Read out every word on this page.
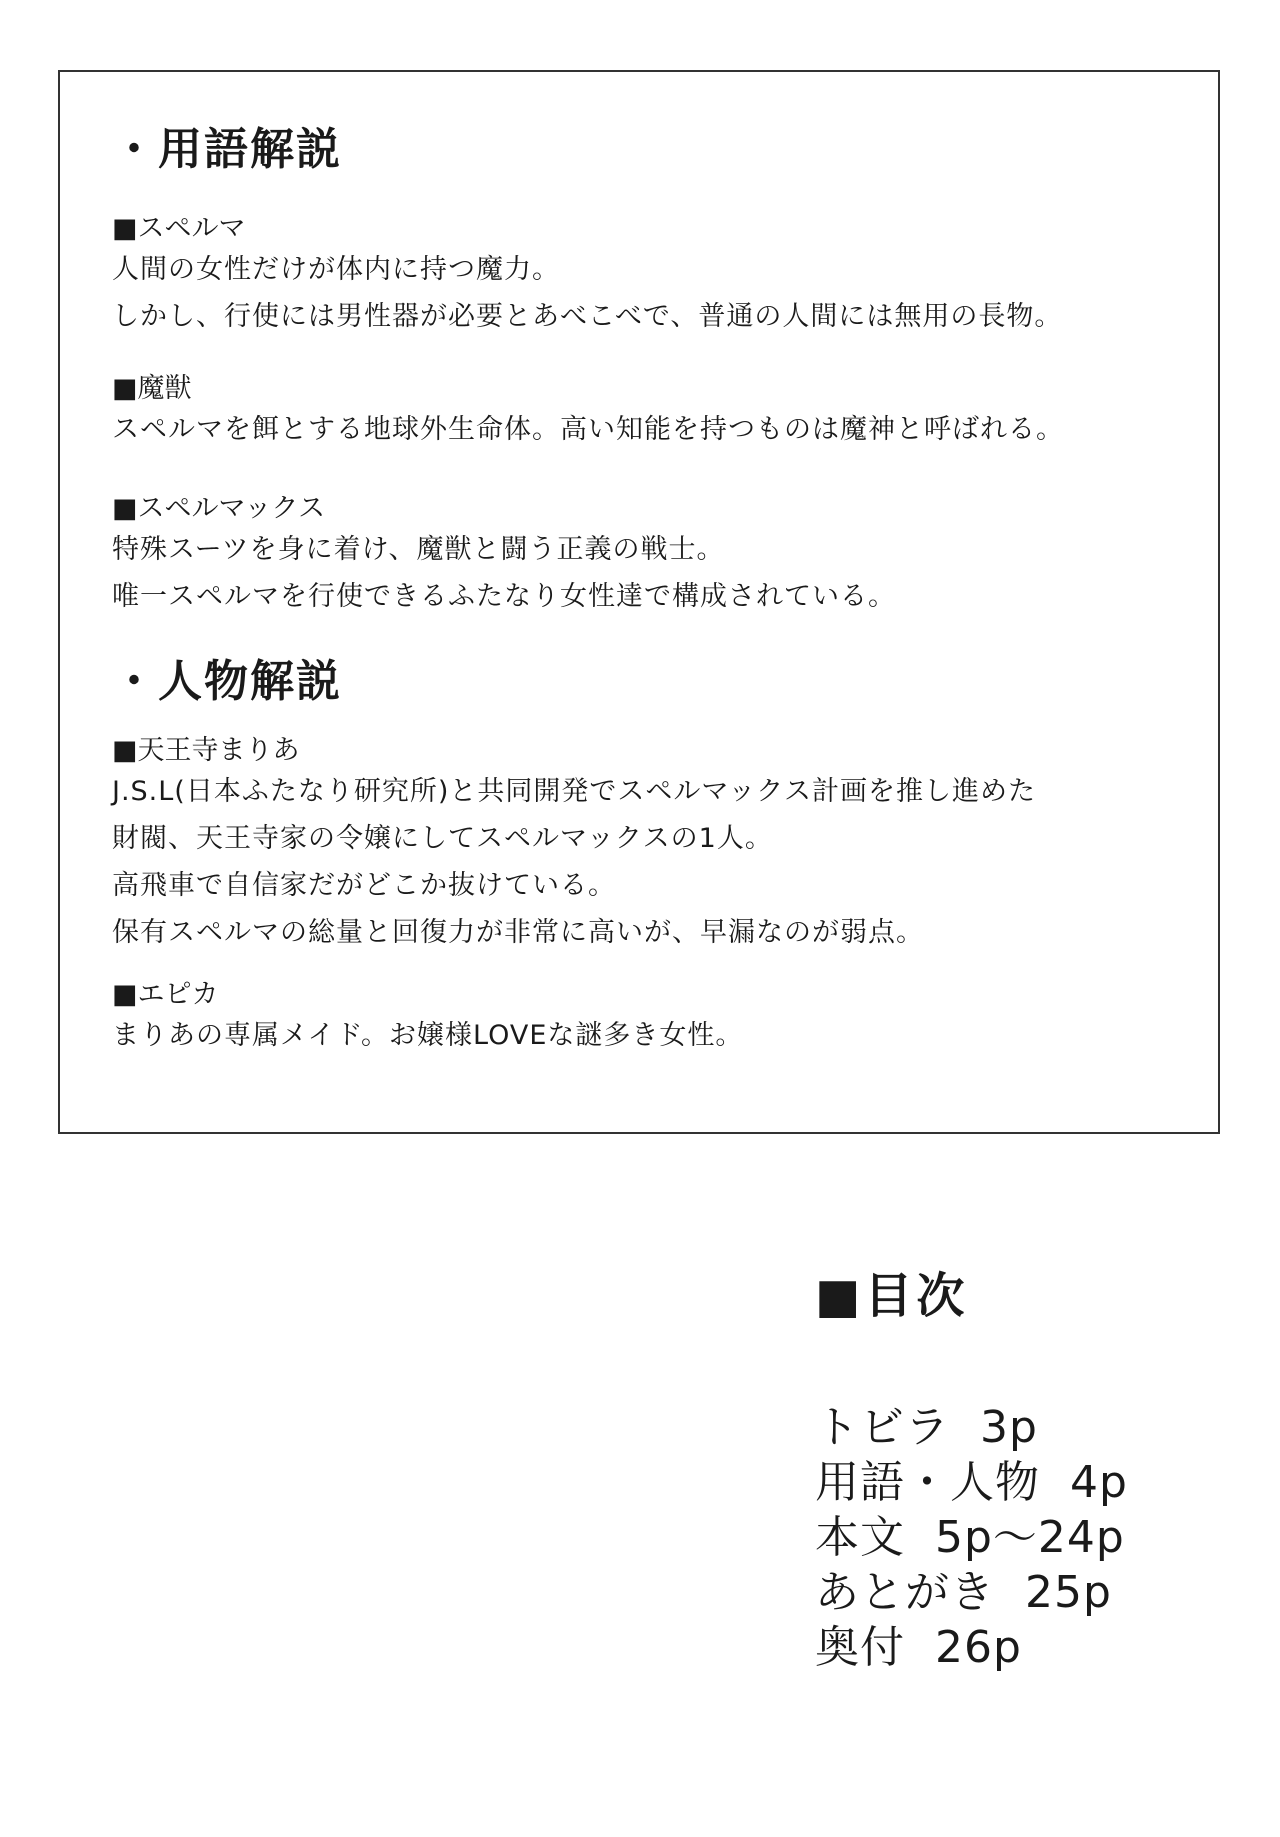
・用語解説

■スペルマ

人間の女性だけが体内に持つ魔力。

しかし、行使には男性器が必要とあべこべで、普通の人間には無用の長物。

■魔獣

スペルマを餌とする地球外生命体。高い知能を持つものは魔神と呼ばれる。

■スペルマックス

特殊スーツを身に着け、魔獣と闘う正義の戦士。

唯一スペルマを行使できるふたなり女性達で構成されている。

・人物解説

■天王寺まりあ

J.S.L(日本ふたなり研究所)と共同開発でスペルマックス計画を推し進めた

財閥、天王寺家の令嬢にしてスペルマックスの1人。

高飛車で自信家だがどこか抜けている。

保有スペルマの総量と回復力が非常に高いが、早漏なのが弱点。

■エピカ

まりあの専属メイド。お嬢様LOVEな謎多き女性。

■目次
トビラ 3p
用語・人物 4p
本文 5p～24p
あとがき 25p
奥付 26p
